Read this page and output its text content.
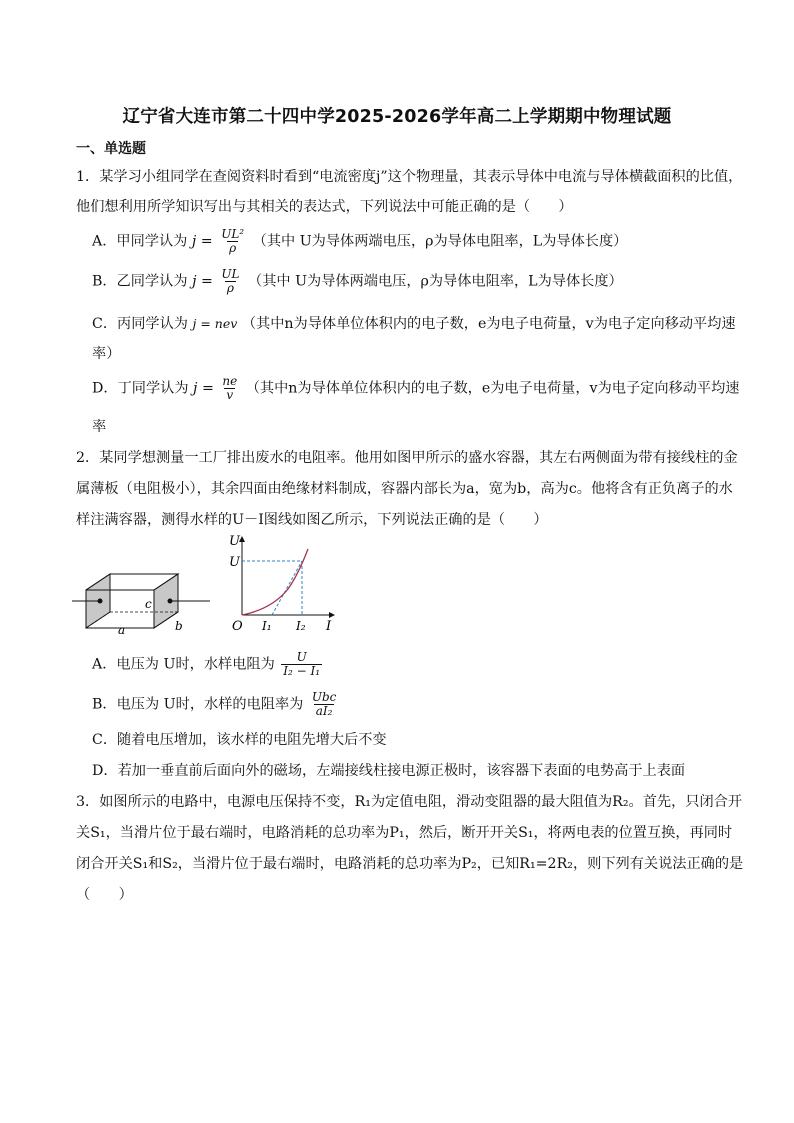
辽宁省大连市第二十四中学2025-2026学年高二上学期期中物理试题
一、单选题
1．某学习小组同学在查阅资料时看到“电流密度j”这个物理量，其表示导体中电流与导体横截面积的比值，
他们想利用所学知识写出与其相关的表达式，下列说法中可能正确的是（　　）
A．甲同学认为 $j = \frac{\text{UL²}}{\rho}$ （其中 U为导体两端电压，ρ为导体电阻率，L为导体长度）
B．乙同学认为 $j = \frac{UL}{\rho}$ （其中 U为导体两端电压，ρ为导体电阻率，L为导体长度）
C．丙同学认为 j = nev （其中n为导体单位体积内的电子数，e为电子电荷量，v为电子定向移动平均速
率）
D．丁同学认为 $j = \frac{ne}{v}$ （其中n为导体单位体积内的电子数，e为电子电荷量，v为电子定向移动平均速
率
2．某同学想测量一工厂排出废水的电阻率。他用如图甲所示的盛水容器，其左右两侧面为带有接线柱的金
属薄板（电阻极小），其余四面由绝缘材料制成，容器内部长为a，宽为b，高为c。他将含有正负离子的水
样注满容器，测得水样的U－I图线如图乙所示，下列说法正确的是（　　）
a	b
c
U
U
O I₁ I₂ I
A．电压为 U时，水样电阻为 $\frac{U}{\text{I₂ − I₁}}$
B．电压为 U时，水样的电阻率为 $\frac{\text{Ubc}}{\text{aI₂}}$
C．随着电压增加，该水样的电阻先增大后不变
D．若加一垂直前后面向外的磁场，左端接线柱接电源正极时，该容器下表面的电势高于上表面
3．如图所示的电路中，电源电压保持不变，R₁为定值电阻，滑动变阻器的最大阻值为R₂。首先，只闭合开
关S₁，当滑片位于最右端时，电路消耗的总功率为P₁，然后，断开开关S₁，将两电表的位置互换，再同时
闭合开关S₁和S₂，当滑片位于最右端时，电路消耗的总功率为P₂，已知R₁=2R₂，则下列有关说法正确的是
（　　）
